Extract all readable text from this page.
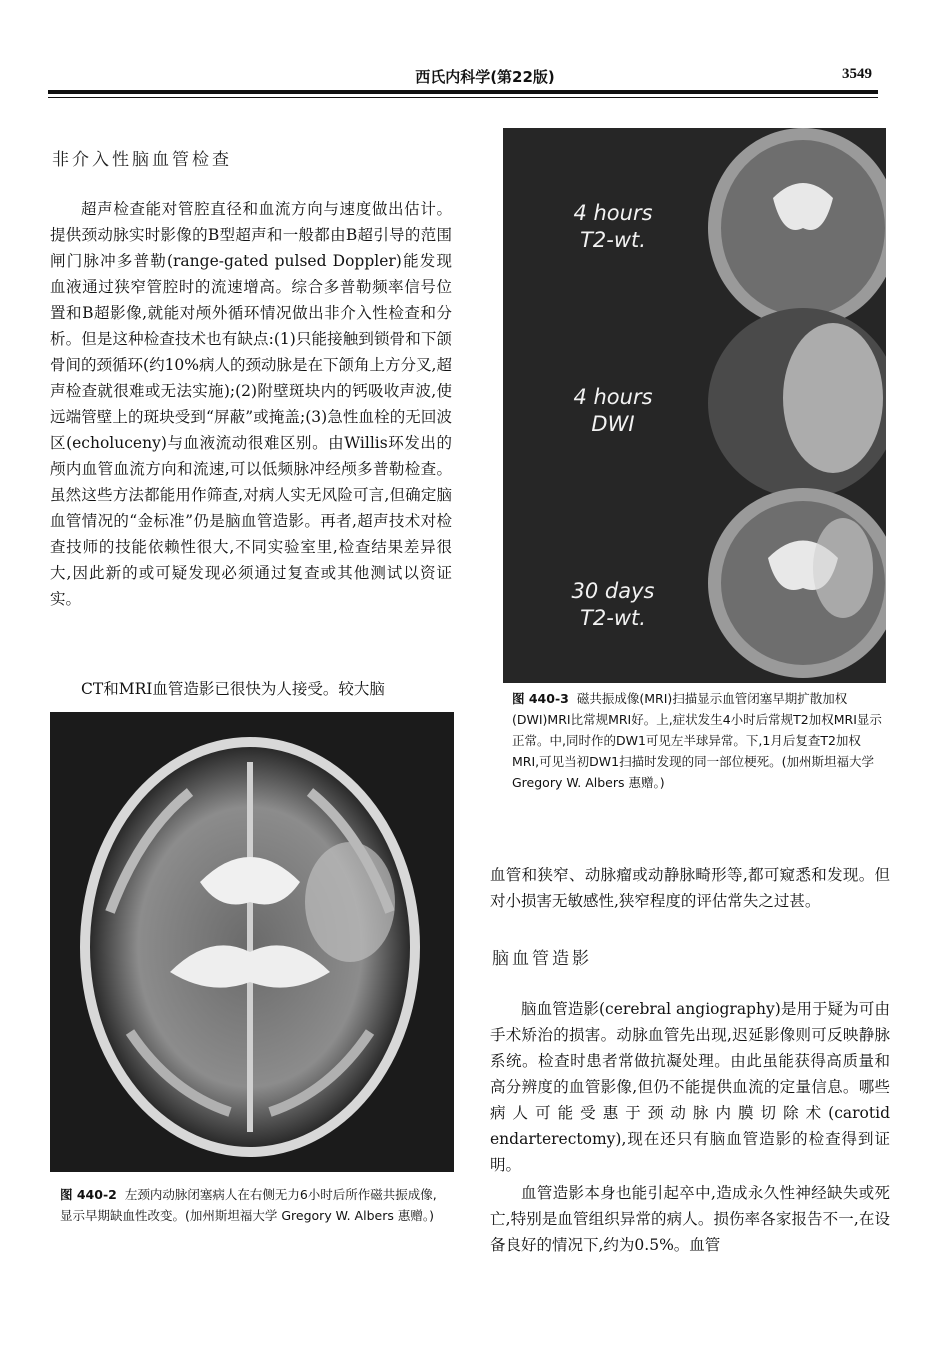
西氏内科学(第22版)	3549
非介入性脑血管检查

超声检查能对管腔直径和血流方向与速度做出估计。提供颈动脉实时影像的B型超声和一般都由B超引导的范围闸门脉冲多普勒(range-gated pulsed Doppler)能发现血液通过狭窄管腔时的流速增高。综合多普勒频率信号位置和B超影像,就能对颅外循环情况做出非介入性检查和分析。但是这种检查技术也有缺点:(1)只能接触到锁骨和下颌骨间的颈循环(约10%病人的颈动脉是在下颌角上方分叉,超声检查就很难或无法实施);(2)附壁斑块内的钙吸收声波,使远端管壁上的斑块受到“屏蔽”或掩盖;(3)急性血栓的无回波区(echoluceny)与血液流动很难区别。由Willis环发出的颅内血管血流方向和流速,可以低频脉冲经颅多普勒检查。虽然这些方法都能用作筛查,对病人实无风险可言,但确定脑血管情况的“金标准”仍是脑血管造影。再者,超声技术对检查技师的技能依赖性很大,不同实验室里,检查结果差异很大,因此新的或可疑发现必须通过复查或其他测试以资证实。

CT和MRI血管造影已很快为人接受。较大脑

图 440-2 左颈内动脉闭塞病人在右侧无力6小时后所作磁共振成像,显示早期缺血性改变。(加州斯坦福大学 Gregory W. Albers 惠赠。)

4 hours
T2-wt.
4 hours
DWI
30 days
T2-wt.

图 440-3 磁共振成像(MRI)扫描显示血管闭塞早期扩散加权(DWI)MRI比常规MRI好。上,症状发生4小时后常规T2加权MRI显示正常。中,同时作的DW1可见左半球异常。下,1月后复查T2加权MRI,可见当初DW1扫描时发现的同一部位梗死。(加州斯坦福大学 Gregory W. Albers 惠赠。)

血管和狭窄、动脉瘤或动静脉畸形等,都可窥悉和发现。但对小损害无敏感性,狭窄程度的评估常失之过甚。

脑血管造影

脑血管造影(cerebral angiography)是用于疑为可由手术矫治的损害。动脉血管先出现,迟延影像则可反映静脉系统。检查时患者常做抗凝处理。由此虽能获得高质量和高分辨度的血管影像,但仍不能提供血流的定量信息。哪些病人可能受惠于颈动脉内膜切除术(carotid endarterectomy),现在还只有脑血管造影的检查得到证明。

血管造影本身也能引起卒中,造成永久性神经缺失或死亡,特别是血管组织异常的病人。损伤率各家报告不一,在设备良好的情况下,约为0.5%。血管
